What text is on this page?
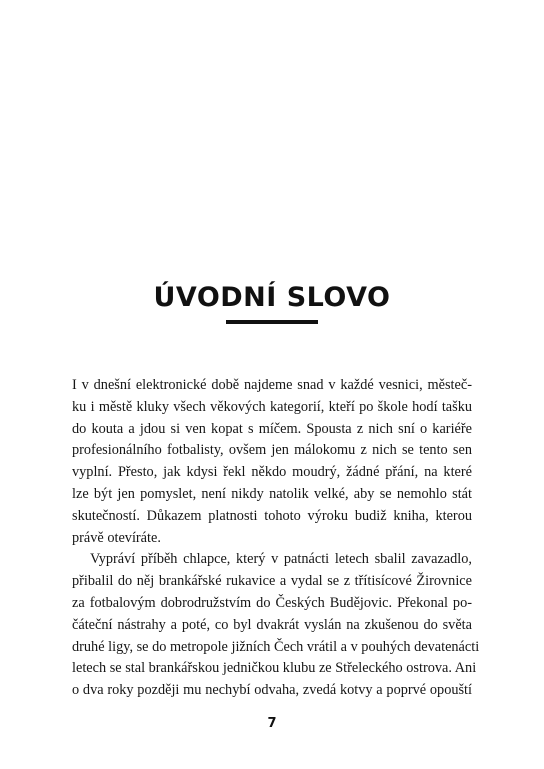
ÚVODNÍ SLOVO

I v dnešní elektronické době najdeme snad v každé vesnici, městeč-
ku i městě kluky všech věkových kategorií, kteří po škole hodí tašku
do kouta a jdou si ven kopat s míčem. Spousta z nich sní o kariéře
profesionálního fotbalisty, ovšem jen málokomu z nich se tento sen
vyplní. Přesto, jak kdysi řekl někdo moudrý, žádné přání, na které
lze být jen pomyslet, není nikdy natolik velké, aby se nemohlo stát
skutečností. Důkazem platnosti tohoto výroku budiž kniha, kterou
právě otevíráte.

Vypráví příběh chlapce, který v patnácti letech sbalil zavazadlo,
přibalil do něj brankářské rukavice a vydal se z třítisícové Žirovnice
za fotbalovým dobrodružstvím do Českých Budějovic. Překonal po-
čáteční nástrahy a poté, co byl dvakrát vyslán na zkušenou do světa
druhé ligy, se do metropole jižních Čech vrátil a v pouhých devatenácti
letech se stal brankářskou jedničkou klubu ze Střeleckého ostrova. Ani
o dva roky později mu nechybí odvaha, zvedá kotvy a poprvé opouští

7
